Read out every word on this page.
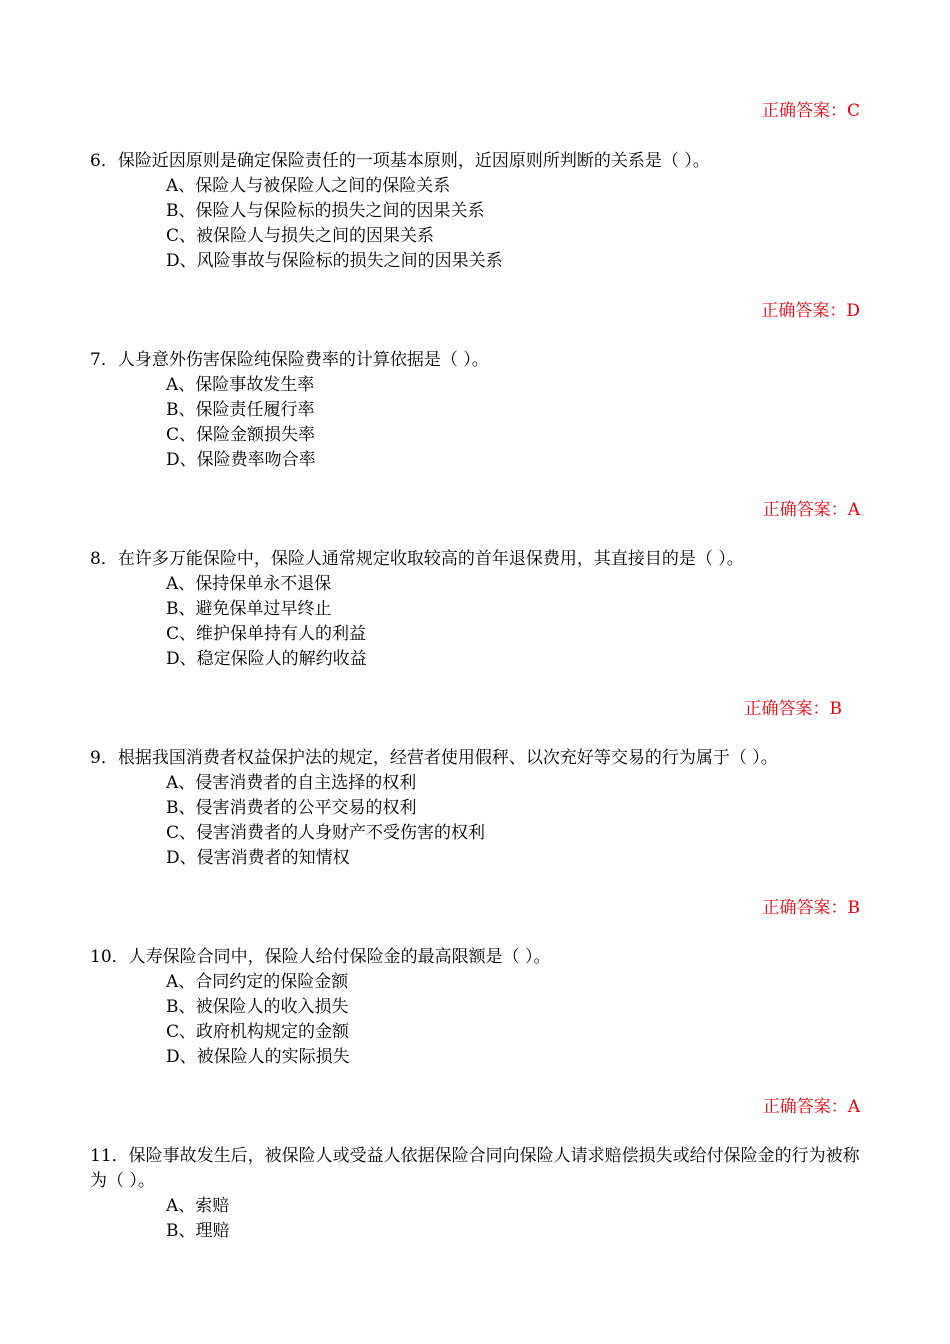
正确答案：C

6．保险近因原则是确定保险责任的一项基本原则，近因原则所判断的关系是（ ）。

A、保险人与被保险人之间的保险关系
B、保险人与保险标的损失之间的因果关系
C、被保险人与损失之间的因果关系
D、风险事故与保险标的损失之间的因果关系
正确答案：D

7．人身意外伤害保险纯保险费率的计算依据是（ ）。

A、保险事故发生率
B、保险责任履行率
C、保险金额损失率
D、保险费率吻合率
正确答案：A

8．在许多万能保险中，保险人通常规定收取较高的首年退保费用，其直接目的是（ ）。

A、保持保单永不退保
B、避免保单过早终止
C、维护保单持有人的利益
D、稳定保险人的解约收益
正确答案：B

9．根据我国消费者权益保护法的规定，经营者使用假秤、以次充好等交易的行为属于（ ）。

A、侵害消费者的自主选择的权利
B、侵害消费者的公平交易的权利
C、侵害消费者的人身财产不受伤害的权利
D、侵害消费者的知情权
正确答案：B

10．人寿保险合同中，保险人给付保险金的最高限额是（ ）。

A、合同约定的保险金额
B、被保险人的收入损失
C、政府机构规定的金额
D、被保险人的实际损失
正确答案：A

11．保险事故发生后，被保险人或受益人依据保险合同向保险人请求赔偿损失或给付保险金的行为被称为（ ）。

A、索赔
B、理赔
